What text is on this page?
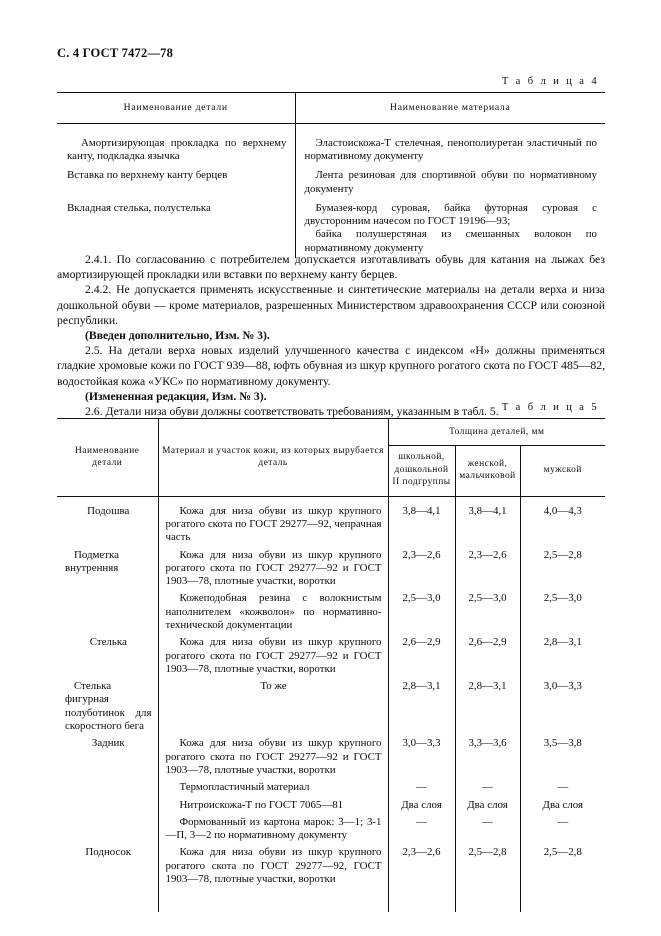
С. 4 ГОСТ 7472—78
Т а б л и ц а 4
Наименование детали	Наименование материала
Амортизирующая прокладка по верхнему канту, подкладка язычка	Эластоискожа-Т стелечная, пенополиуретан эластичный по нормативному документу
Вставка по верхнему канту берцев	Лента резиновая для спортивной обуви по нормативному документу
Вкладная стелька, полустелька	Бумазея-корд суровая, байка футорная суровая с двусторонним начесом по ГОСТ 19196—93;

байка полушерстяная из смешанных волокон по нормативному документу

2.4.1. По согласованию с потребителем допускается изготавливать обувь для катания на лыжах без амортизирующей прокладки или вставки по верхнему канту берцев.

2.4.2. Не допускается применять искусственные и синтетические материалы на детали верха и низа дошкольной обуви — кроме материалов, разрешенных Министерством здравоохранения СССР или союзной республики.

(Введен дополнительно, Изм. № 3).

2.5. На детали верха новых изделий улучшенного качества с индексом «Н» должны применяться гладкие хромовые кожи по ГОСТ 939—88, юфть обувная из шкур крупного рогатого скота по ГОСТ 485—82, водостойкая кожа «УКС» по нормативному документу.

(Измененная редакция, Изм. № 3).

2.6. Детали низа обуви должны соответствовать требованиям, указанным в табл. 5. Т а б л и ц а 5
Наименование детали	Материал и участок кожи, из которых вырубается деталь	Толщина деталей, мм		
		школьной, дошкольной II подгруппы	женской, мальчиковой	мужской
Подошва	Кожа для низа обуви из шкур крупного рогатого скота по ГОСТ 29277—92, чепрачная часть	3,8—4,1	3,8—4,1	4,0—4,3
Подметка внутренняя	Кожа для низа обуви из шкур крупного рогатого скота по ГОСТ 29277—92 и ГОСТ 1903—78, плотные участки, воротки	2,3—2,6	2,3—2,6	2,5—2,8
	Кожеподобная резина с волокнистым наполнителем «кожволон» по нормативно-технической документации	2,5—3,0	2,5—3,0	2,5—3,0
Стелька	Кожа для низа обуви из шкур крупного рогатого скота по ГОСТ 29277—92 и ГОСТ 1903—78, плотные участки, воротки	2,6—2,9	2,6—2,9	2,8—3,1
Стелька фигурная полуботинок для скоростного бега	То же	2,8—3,1	2,8—3,1	3,0—3,3
Задник	Кожа для низа обуви из шкур крупного рогатого скота по ГОСТ 29277—92 и ГОСТ 1903—78, плотные участки, воротки	3,0—3,3	3,3—3,6	3,5—3,8
	Термопластичный материал	—	—	—
	Нитроискожа-Т по ГОСТ 7065—81	Два слоя	Два слоя	Два слоя
	Формованный из картона марок: 3—1; 3-1—П, 3—2 по нормативному документу	—	—	—
Подносок	Кожа для низа обуви из шкур крупного рогатого скота по ГОСТ 29277—92, ГОСТ 1903—78, плотные участки, воротки	2,3—2,6	2,5—2,8	2,5—2,8
